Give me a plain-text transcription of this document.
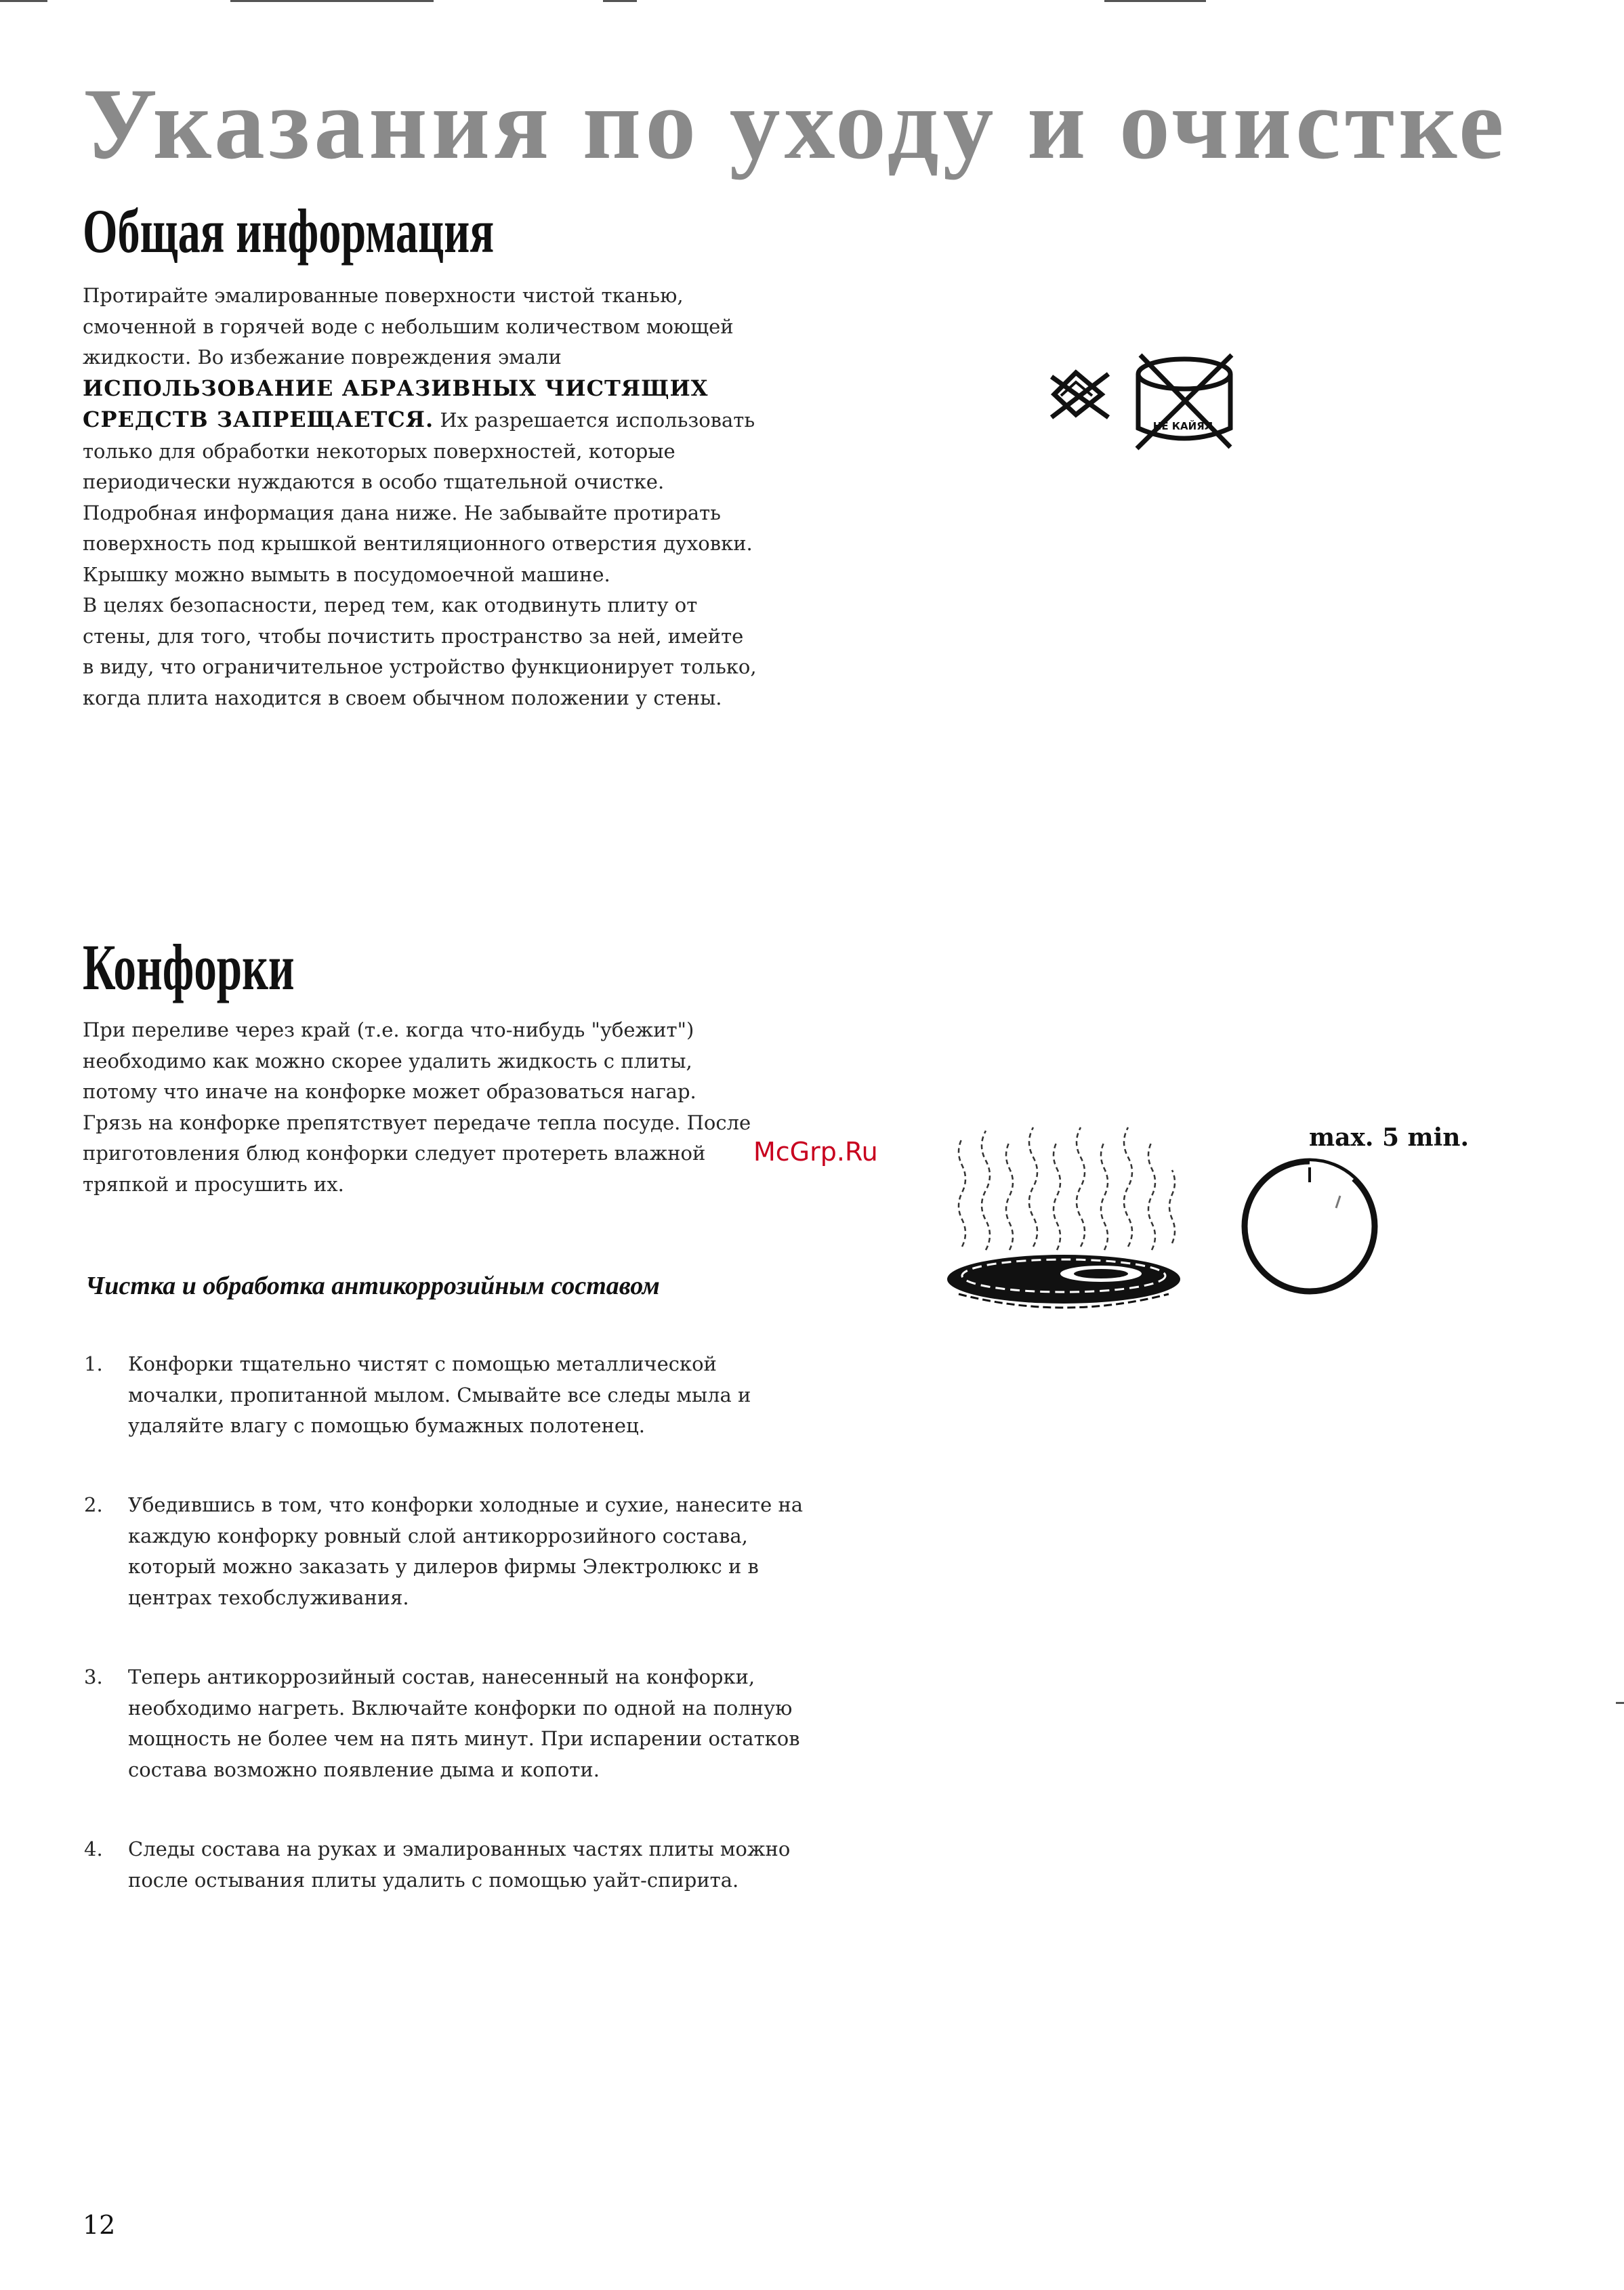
Указания по уходу и очистке
Общая информация

Протирайте эмалированные поверхности чистой тканью, смоченной в горячей воде с небольшим количеством моющей жидкости. Во избежание повреждения эмали ИСПОЛЬЗОВАНИЕ АБРАЗИВНЫХ ЧИСТЯЩИХ СРЕДСТВ ЗАПРЕЩАЕТСЯ. Их разрешается использовать только для обработки некоторых поверхностей, которые периодически нуждаются в особо тщательной очистке. Подробная информация дана ниже. Не забывайте протирать поверхность под крышкой вентиляционного отверстия духовки. Крышку можно вымыть в посудомоечной машине.

В целях безопасности, перед тем, как отодвинуть плиту от стены, для того, чтобы почистить пространство за ней, имейте в виду, что ограничительное устройство функционирует только, когда плита находится в своем обычном положении у стены.

НЕ КАЙЯЛ
Конфорки
При переливе через край (т.е. когда что-нибудь "убежит") необходимо как можно скорее удалить жидкость с плиты, потому что иначе на конфорке может образоваться нагар. Грязь на конфорке препятствует передаче тепла посуде. После приготовления блюд конфорки следует протереть влажной тряпкой и просушить их.
Чистка и обработка антикоррозийным составом
1.	Конфорки тщательно чистят с помощью металлической мочалки, пропитанной мылом. Смывайте все следы мыла и удаляйте влагу с помощью бумажных полотенец.
2.	Убедившись в том, что конфорки холодные и сухие, нанесите на каждую конфорку ровный слой антикоррозийного состава, который можно заказать у дилеров фирмы Электролюкс и в центрах техобслуживания.
3.	Теперь антикоррозийный состав, нанесенный на конфорки, необходимо нагреть. Включайте конфорки по одной на полную мощность не более чем на пять минут. При испарении остатков состава возможно появление дыма и копоти.
4.	Следы состава на руках и эмалированных частях плиты можно после остывания плиты удалить с помощью уайт-спирита.
McGrp.Ru	max. 5 min.
12
